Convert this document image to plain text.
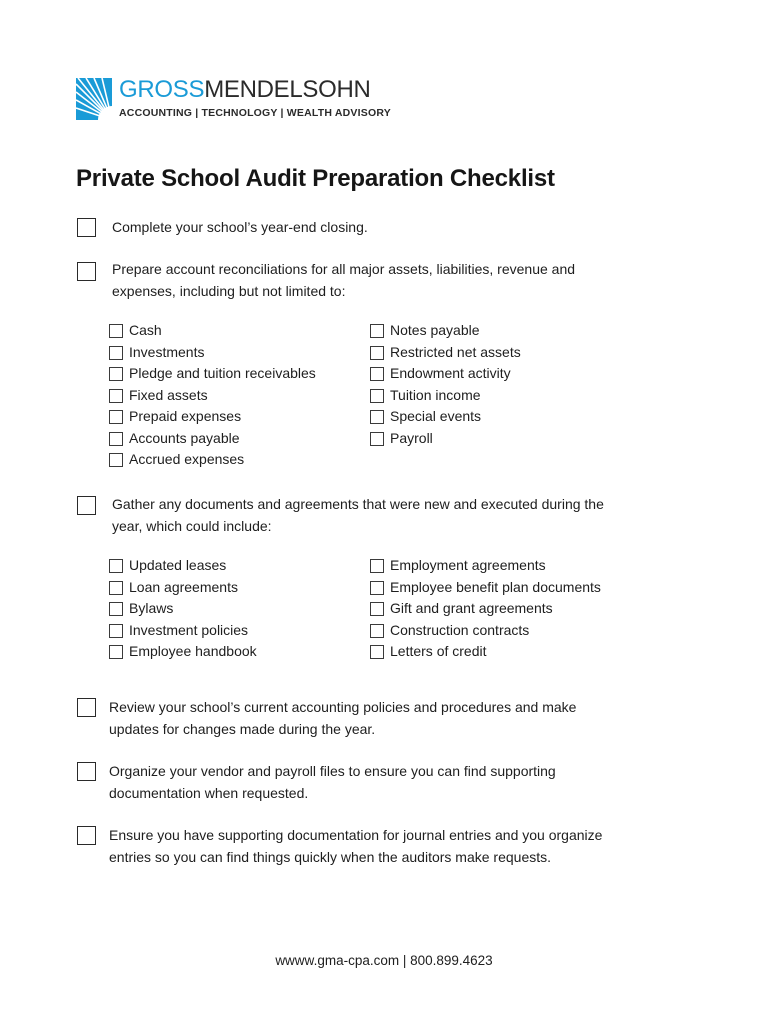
GROSSMENDELSOHN
ACCOUNTING | TECHNOLOGY | WEALTH ADVISORY
Private School Audit Preparation Checklist
Complete your school’s year-end closing.
Prepare account reconciliations for all major assets, liabilities, revenue and expenses, including but not limited to:
Cash
Investments
Pledge and tuition receivables
Fixed assets
Prepaid expenses
Accounts payable
Accrued expenses
Notes payable
Restricted net assets
Endowment activity
Tuition income
Special events
Payroll
Gather any documents and agreements that were new and executed during the year, which could include:
Updated leases
Loan agreements
Bylaws
Investment policies
Employee handbook
Employment agreements
Employee benefit plan documents
Gift and grant agreements
Construction contracts
Letters of credit
Review your school’s current accounting policies and procedures and make updates for changes made during the year.
Organize your vendor and payroll files to ensure you can find supporting documentation when requested.
Ensure you have supporting documentation for journal entries and you organize entries so you can find things quickly when the auditors make requests.
wwww.gma-cpa.com | 800.899.4623
